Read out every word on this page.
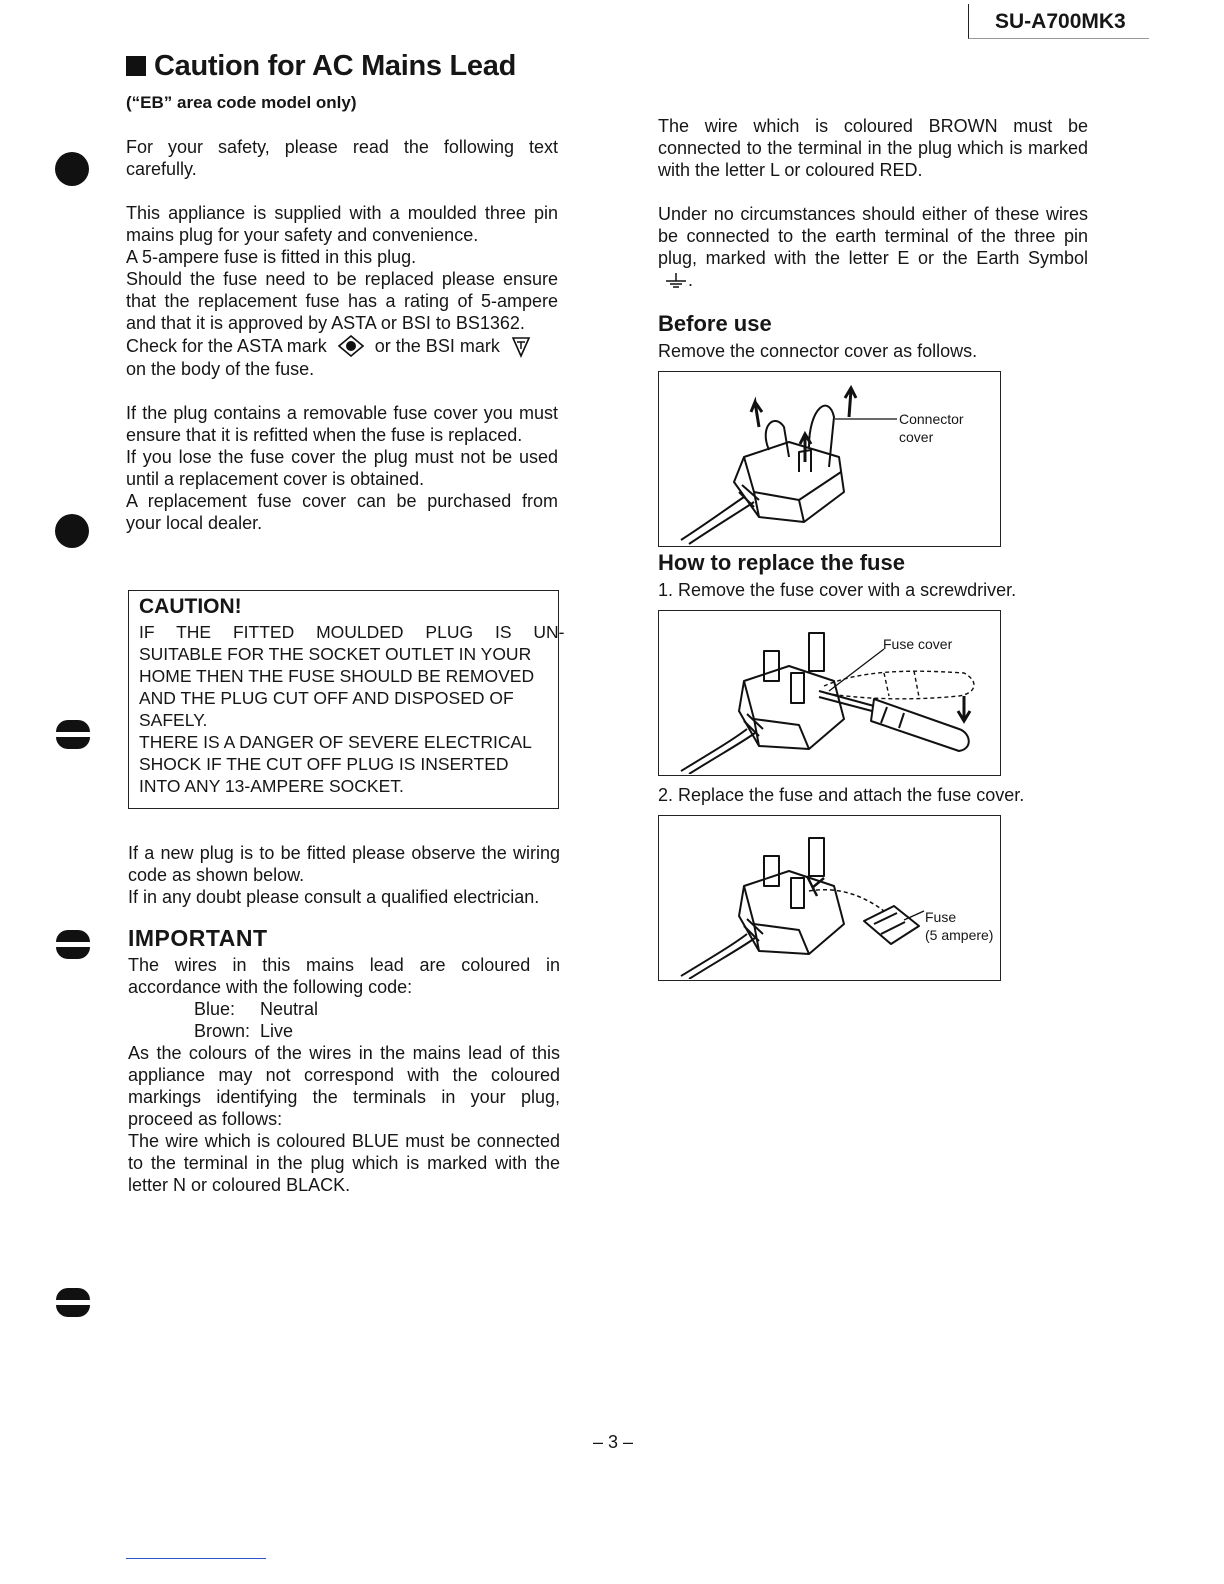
SU-A700MK3
Caution for AC Mains Lead
(“EB” area code model only)

For your safety, please read the following text carefully.

This appliance is supplied with a moulded three pin mains plug for your safety and convenience.

A 5-ampere fuse is fitted in this plug.

Should the fuse need to be replaced please ensure that the replacement fuse has a rating of 5-ampere and that it is approved by ASTA or BSI to BS1362.

Check for the ASTA mark	or the BSI mark

on the body of the fuse.

If the plug contains a removable fuse cover you must ensure that it is refitted when the fuse is replaced.

If you lose the fuse cover the plug must not be used until a replacement cover is obtained.

A replacement fuse cover can be purchased from your local dealer.

CAUTION!
IF THE FITTED MOULDED PLUG IS UN-
SUITABLE FOR THE SOCKET OUTLET IN YOUR
HOME THEN THE FUSE SHOULD BE REMOVED
AND THE PLUG CUT OFF AND DISPOSED OF
SAFELY.
THERE IS A DANGER OF SEVERE ELECTRICAL
SHOCK IF THE CUT OFF PLUG IS INSERTED
INTO ANY 13-AMPERE SOCKET.

If a new plug is to be fitted please observe the wiring code as shown below.

If in any doubt please consult a qualified electrician.

IMPORTANT

The wires in this mains lead are coloured in accordance with the following code:

Blue: Neutral
Brown: Live

As the colours of the wires in the mains lead of this appliance may not correspond with the coloured markings identifying the terminals in your plug, proceed as follows:

The wire which is coloured BLUE must be connected to the terminal in the plug which is marked with the letter N or coloured BLACK.

The wire which is coloured BROWN must be connected to the terminal in the plug which is marked with the letter L or coloured RED.

Under no circumstances should either of these wires be connected to the earth terminal of the three pin plug, marked with the letter E or the Earth Symbol .

Before use
Remove the connector cover as follows.
Connector
cover
How to replace the fuse
1. Remove the fuse cover with a screwdriver.
Fuse cover
2. Replace the fuse and attach the fuse cover.
Fuse
(5 ampere)
– 3 –
